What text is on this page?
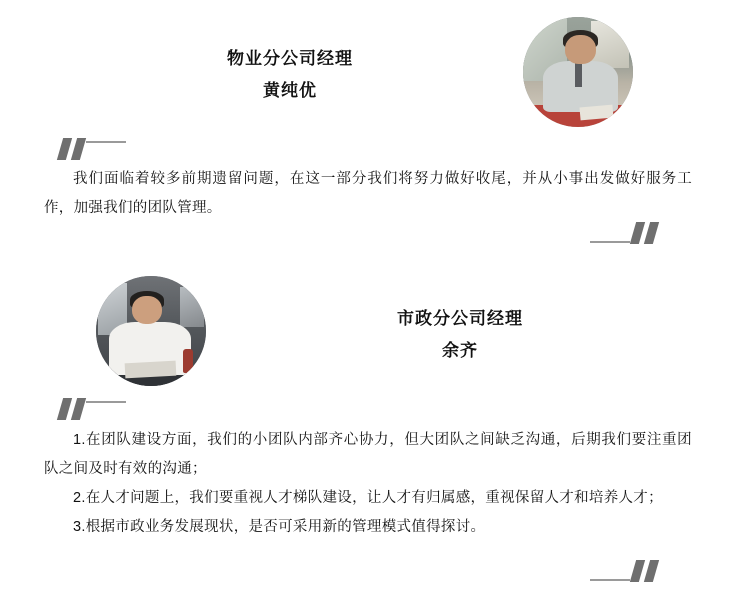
物业分公司经理
黄纯优

我们面临着较多前期遗留问题，在这一部分我们将努力做好收尾，并从小事出发做好服务工作，加强我们的团队管理。

市政分公司经理
余齐

1.在团队建设方面，我们的小团队内部齐心协力，但大团队之间缺乏沟通，后期我们要注重团队之间及时有效的沟通；

2.在人才问题上，我们要重视人才梯队建设，让人才有归属感，重视保留人才和培养人才；

3.根据市政业务发展现状，是否可采用新的管理模式值得探讨。
